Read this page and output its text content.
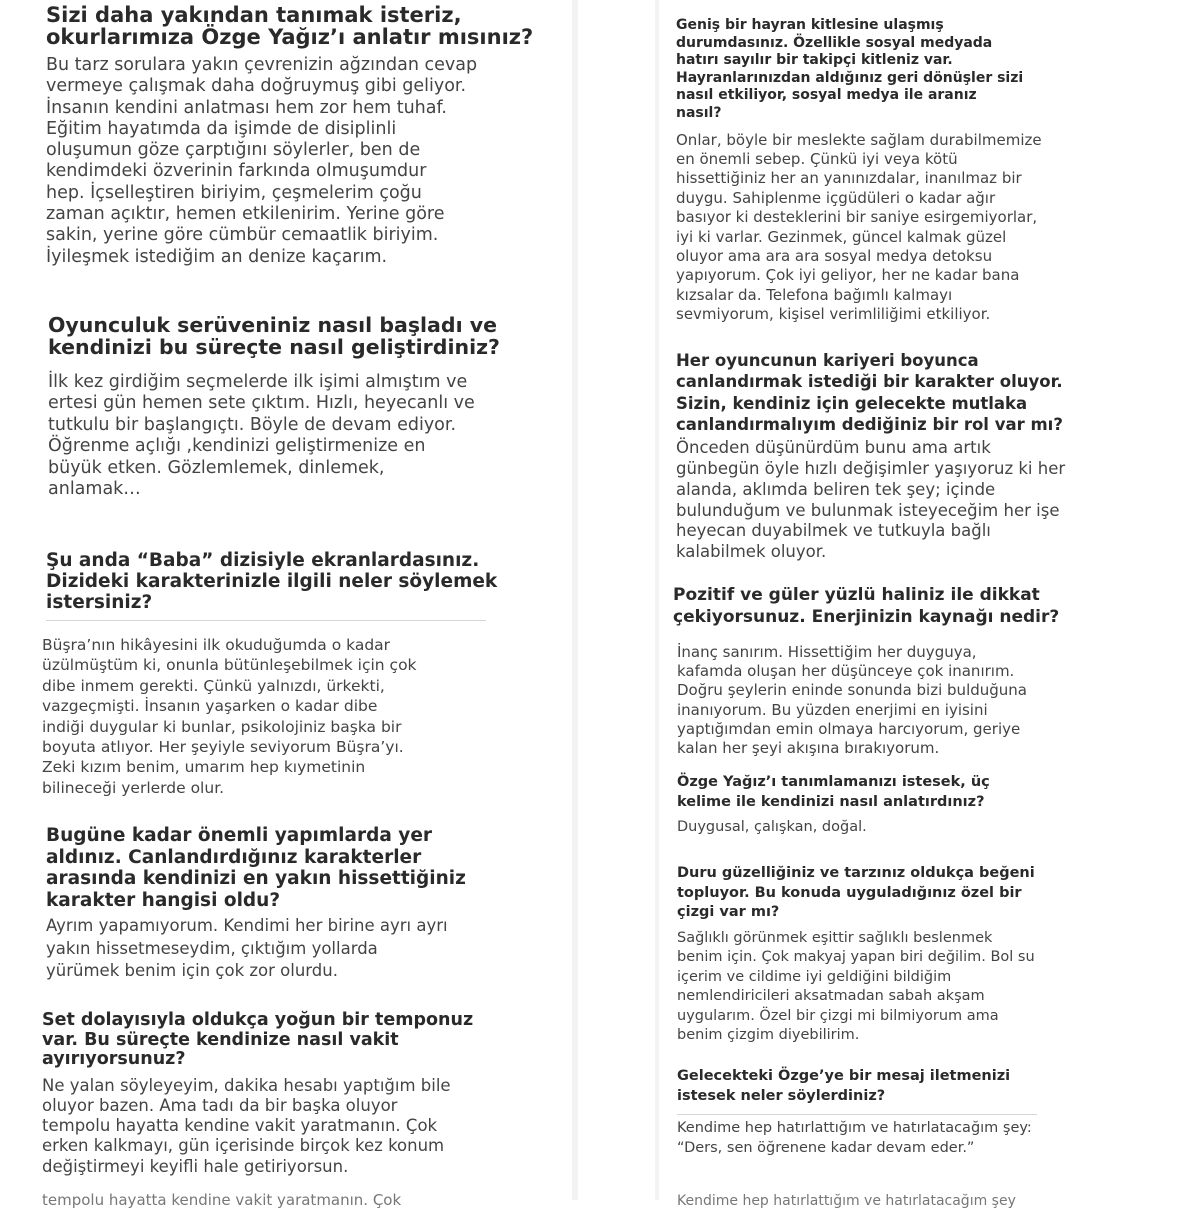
Sizi daha yakından tanımak isteriz,
okurlarımıza Özge Yağız’ı anlatır mısınız?

Bu tarz sorulara yakın çevrenizin ağzından cevap
vermeye çalışmak daha doğruymuş gibi geliyor.
İnsanın kendini anlatması hem zor hem tuhaf.
Eğitim hayatımda da işimde de disiplinli
oluşumun göze çarptığını söylerler, ben de
kendimdeki özverinin farkında olmuşumdur
hep. İçselleştiren biriyim, çeşmelerim çoğu
zaman açıktır, hemen etkilenirim. Yerine göre
sakin, yerine göre cümbür cemaatlik biriyim.
İyileşmek istediğim an denize kaçarım.

Oyunculuk serüveniniz nasıl başladı ve
kendinizi bu süreçte nasıl geliştirdiniz?

İlk kez girdiğim seçmelerde ilk işimi almıştım ve
ertesi gün hemen sete çıktım. Hızlı, heyecanlı ve
tutkulu bir başlangıçtı. Böyle de devam ediyor.
Öğrenme açlığı ,kendinizi geliştirmenize en
büyük etken. Gözlemlemek, dinlemek,
anlamak…

Şu anda “Baba” dizisiyle ekranlardasınız.
Dizideki karakterinizle ilgili neler söylemek
istersiniz?

Büşra’nın hikâyesini ilk okuduğumda o kadar
üzülmüştüm ki, onunla bütünleşebilmek için çok
dibe inmem gerekti. Çünkü yalnızdı, ürkekti,
vazgeçmişti. İnsanın yaşarken o kadar dibe
indiği duygular ki bunlar, psikolojiniz başka bir
boyuta atlıyor. Her şeyiyle seviyorum Büşra’yı.
Zeki kızım benim, umarım hep kıymetinin
bilineceği yerlerde olur.

Bugüne kadar önemli yapımlarda yer
aldınız. Canlandırdığınız karakterler
arasında kendinizi en yakın hissettiğiniz
karakter hangisi oldu?

Ayrım yapamıyorum. Kendimi her birine ayrı ayrı
yakın hissetmeseydim, çıktığım yollarda
yürümek benim için çok zor olurdu.

Set dolayısıyla oldukça yoğun bir temponuz
var. Bu süreçte kendinize nasıl vakit
ayırıyorsunuz?

Ne yalan söyleyeyim, dakika hesabı yaptığım bile
oluyor bazen. Ama tadı da bir başka oluyor
tempolu hayatta kendine vakit yaratmanın. Çok
erken kalkmayı, gün içerisinde birçok kez konum
değiştirmeyi keyifli hale getiriyorsun.

tempolu hayatta kendine vakit yaratmanın. Çok

Geniş bir hayran kitlesine ulaşmış
durumdasınız. Özellikle sosyal medyada
hatırı sayılır bir takipçi kitleniz var.
Hayranlarınızdan aldığınız geri dönüşler sizi
nasıl etkiliyor, sosyal medya ile aranız
nasıl?

Onlar, böyle bir meslekte sağlam durabilmemize
en önemli sebep. Çünkü iyi veya kötü
hissettiğiniz her an yanınızdalar, inanılmaz bir
duygu. Sahiplenme içgüdüleri o kadar ağır
basıyor ki desteklerini bir saniye esirgemiyorlar,
iyi ki varlar. Gezinmek, güncel kalmak güzel
oluyor ama ara ara sosyal medya detoksu
yapıyorum. Çok iyi geliyor, her ne kadar bana
kızsalar da. Telefona bağımlı kalmayı
sevmiyorum, kişisel verimliliğimi etkiliyor.

Her oyuncunun kariyeri boyunca
canlandırmak istediği bir karakter oluyor.
Sizin, kendiniz için gelecekte mutlaka
canlandırmalıyım dediğiniz bir rol var mı?

Önceden düşünürdüm bunu ama artık
günbegün öyle hızlı değişimler yaşıyoruz ki her
alanda, aklımda beliren tek şey; içinde
bulunduğum ve bulunmak isteyeceğim her işe
heyecan duyabilmek ve tutkuyla bağlı
kalabilmek oluyor.

Pozitif ve güler yüzlü haliniz ile dikkat
çekiyorsunuz. Enerjinizin kaynağı nedir?

İnanç sanırım. Hissettiğim her duyguya,
kafamda oluşan her düşünceye çok inanırım.
Doğru şeylerin eninde sonunda bizi bulduğuna
inanıyorum. Bu yüzden enerjimi en iyisini
yaptığımdan emin olmaya harcıyorum, geriye
kalan her şeyi akışına bırakıyorum.

Özge Yağız’ı tanımlamanızı istesek, üç
kelime ile kendinizi nasıl anlatırdınız?

Duygusal, çalışkan, doğal.

Duru güzelliğiniz ve tarzınız oldukça beğeni
topluyor. Bu konuda uyguladığınız özel bir
çizgi var mı?

Sağlıklı görünmek eşittir sağlıklı beslenmek
benim için. Çok makyaj yapan biri değilim. Bol su
içerim ve cildime iyi geldiğini bildiğim
nemlendiricileri aksatmadan sabah akşam
uygularım. Özel bir çizgi mi bilmiyorum ama
benim çizgim diyebilirim.

Gelecekteki Özge’ye bir mesaj iletmenizi
istesek neler söylerdiniz?

Kendime hep hatırlattığım ve hatırlatacağım şey:
“Ders, sen öğrenene kadar devam eder.”

Kendime hep hatırlattığım ve hatırlatacağım şey
